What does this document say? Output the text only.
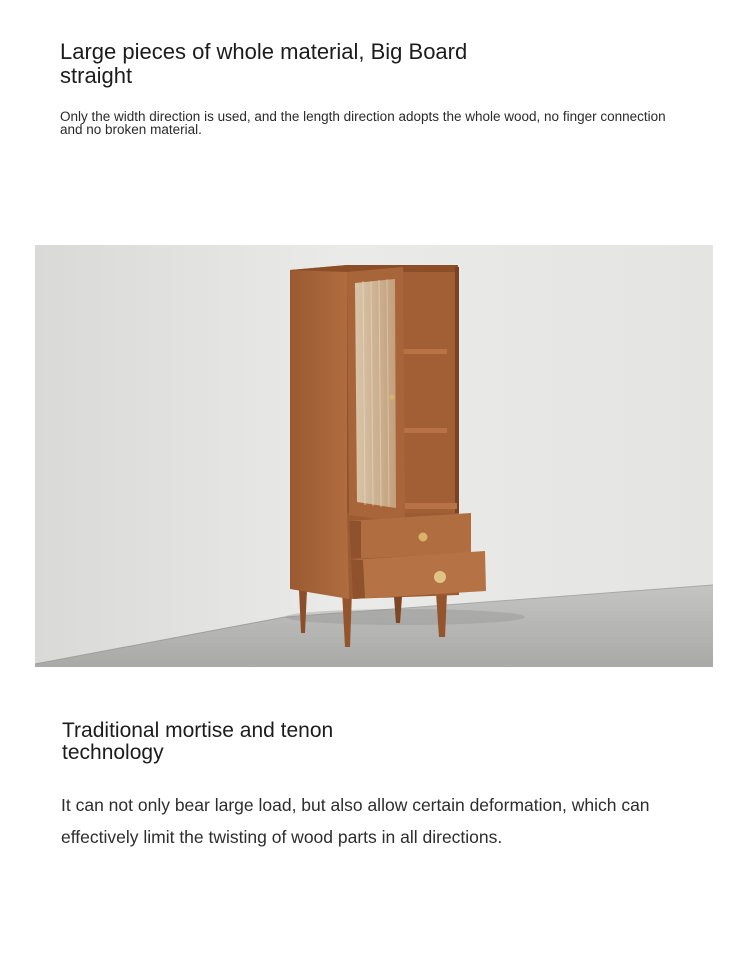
Large pieces of whole material, Big Board straight
Only the width direction is used, and the length direction adopts the whole wood, no finger connection and no broken material.
Traditional mortise and tenon technology
It can not only bear large load, but also allow certain deformation, which can effectively limit the twisting of wood parts in all directions.
